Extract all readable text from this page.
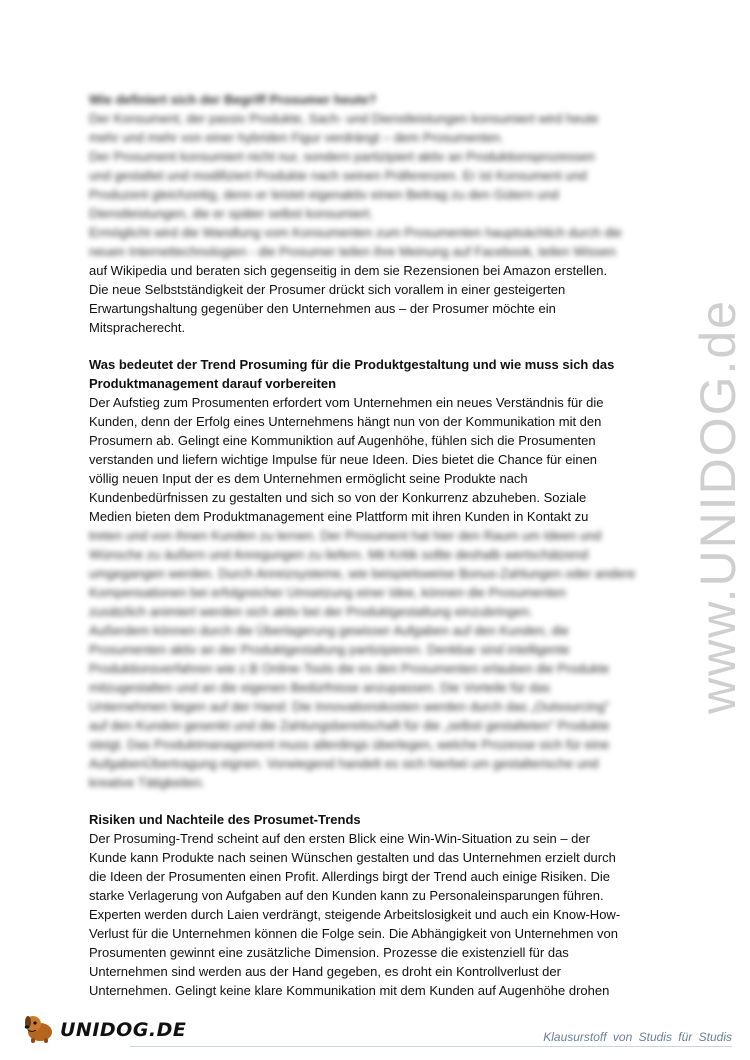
www.UNIDOG.de

Wie definiert sich der Begriff Prosumer heute?

Der Konsument, der passiv Produkte, Sach- und Dienstleistungen konsumiert wird heute
mehr und mehr von einer hybriden Figur verdrängt – dem Prosumenten.
Der Prosument konsumiert nicht nur, sondern partizipiert aktiv an Produktionsprozessen
und gestaltet und modifiziert Produkte nach seinen Präferenzen. Er ist Konsument und
Produzent gleichzeitig, denn er leistet eigenaktiv einen Beitrag zu den Gütern und
Dienstleistungen, die er später selbst konsumiert.
Ermöglicht wird die Wandlung vom Konsumenten zum Prosumenten hauptsächlich durch die
neuen Internettechnologien - die Prosumer teilen ihre Meinung auf Facebook, teilen Wissen

auf Wikipedia und beraten sich gegenseitig in dem sie Rezensionen bei Amazon erstellen.
Die neue Selbstständigkeit der Prosumer drückt sich vorallem in einer gesteigerten
Erwartungshaltung gegenüber den Unternehmen aus – der Prosumer möchte ein
Mitspracherecht.

Was bedeutet der Trend Prosuming für die Produktgestaltung und wie muss sich das
Produktmanagement darauf vorbereiten

Der Aufstieg zum Prosumenten erfordert vom Unternehmen ein neues Verständnis für die
Kunden, denn der Erfolg eines Unternehmens hängt nun von der Kommunikation mit den
Prosumern ab. Gelingt eine Kommuniktion auf Augenhöhe, fühlen sich die Prosumenten
verstanden und liefern wichtige Impulse für neue Ideen. Dies bietet die Chance für einen
völlig neuen Input der es dem Unternehmen ermöglicht seine Produkte nach
Kundenbedürfnissen zu gestalten und sich so von der Konkurrenz abzuheben. Soziale
Medien bieten dem Produktmanagement eine Plattform mit ihren Kunden in Kontakt zu

treten und von ihnen Kunden zu lernen. Der Prosument hat hier den Raum um Ideen und
Wünsche zu äußern und Anregungen zu liefern. Mit Kritik sollte deshalb wertschätzend
umgegangen werden. Durch Anreizsysteme, wie beispielsweise Bonus-Zahlungen oder andere
Kompensationen bei erfolgreicher Umsetzung einer Idee, können die Prosumenten
zusätzlich animiert werden sich aktiv bei der Produktgestaltung einzubringen.
Außerdem können durch die Überlagerung gewisser Aufgaben auf den Kunden, die
Prosumenten aktiv an der Produktgestaltung partizipieren. Denkbar sind intelligente
Produktionsverfahren wie z.B Online-Tools die es den Prosumenten erlauben die Produkte
mitzugestalten und an die eigenen Bedürfnisse anzupassen. Die Vorteile für das
Unternehmen liegen auf der Hand: Die Innovationskosten werden durch das „Outsourcing"
auf den Kunden gesenkt und die Zahlungsbereitschaft für die „selbst gestalteten" Produkte
steigt. Das Produktmanagement muss allerdings überlegen, welche Prozesse sich für eine
AufgabenÜbertragung eignen. Vorwiegend handelt es sich hierbei um gestalterische und
kreative Tätigkeiten.

Risiken und Nachteile des Prosumet-Trends

Der Prosuming-Trend scheint auf den ersten Blick eine Win-Win-Situation zu sein – der
Kunde kann Produkte nach seinen Wünschen gestalten und das Unternehmen erzielt durch
die Ideen der Prosumenten einen Profit. Allerdings birgt der Trend auch einige Risiken. Die
starke Verlagerung von Aufgaben auf den Kunden kann zu Personaleinsparungen führen.
Experten werden durch Laien verdrängt, steigende Arbeitslosigkeit und auch ein Know-How-
Verlust für die Unternehmen können die Folge sein. Die Abhängigkeit von Unternehmen von
Prosumenten gewinnt eine zusätzliche Dimension. Prozesse die existenziell für das
Unternehmen sind werden aus der Hand gegeben, es droht ein Kontrollverlust der
Unternehmen. Gelingt keine klare Kommunikation mit dem Kunden auf Augenhöhe drohen

UNIDOG.DE	Klausurstoff von Studis für Studis
